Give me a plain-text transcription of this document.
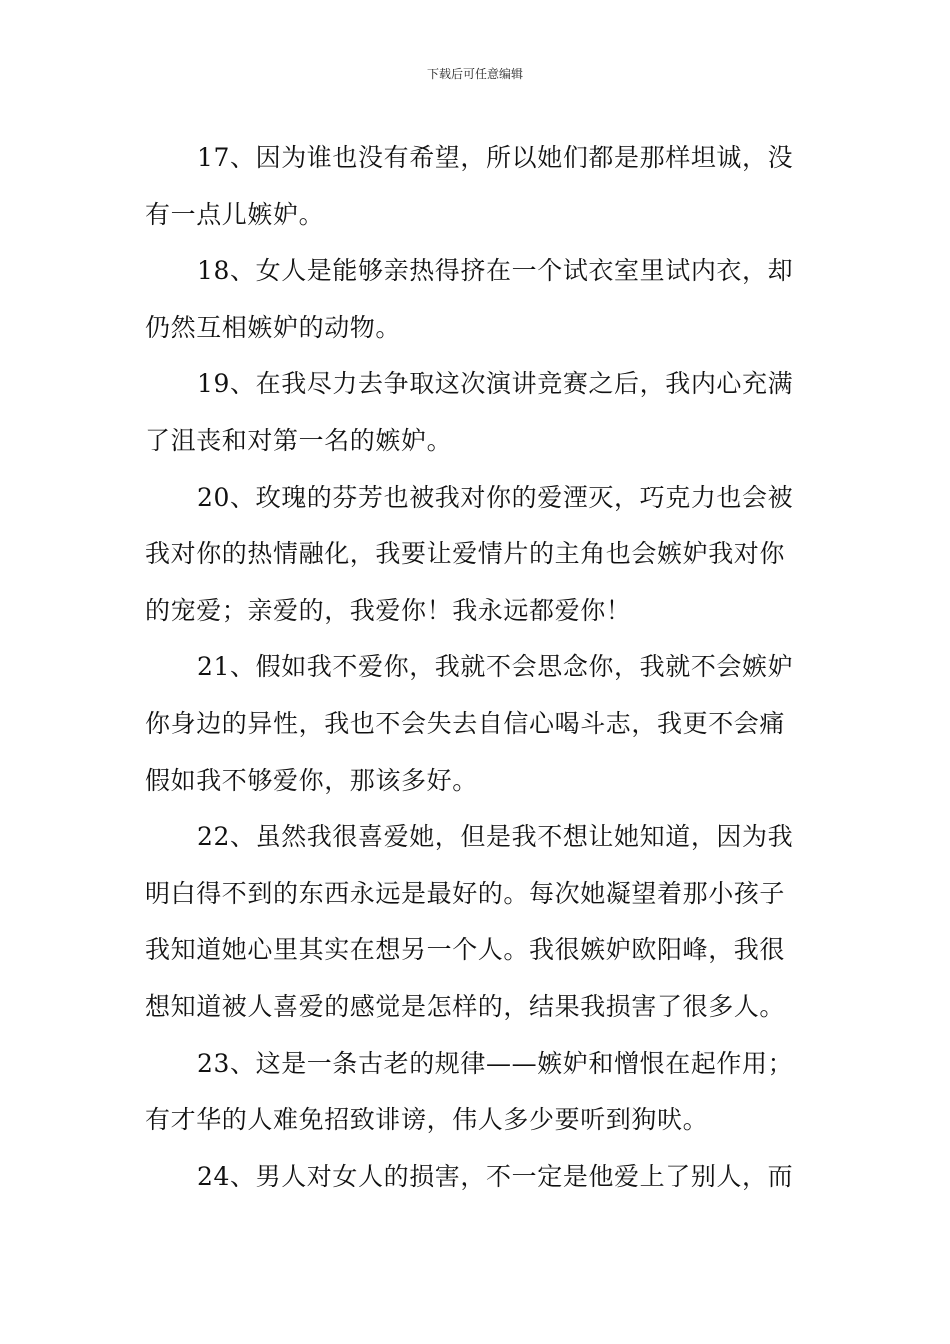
下载后可任意编辑
17、因为谁也没有希望，所以她们都是那样坦诚，没
有一点儿嫉妒。
18、女人是能够亲热得挤在一个试衣室里试内衣，却
仍然互相嫉妒的动物。
19、在我尽力去争取这次演讲竞赛之后，我内心充满
了沮丧和对第一名的嫉妒。
20、玫瑰的芬芳也被我对你的爱湮灭，巧克力也会被
我对你的热情融化，我要让爱情片的主角也会嫉妒我对你
的宠爱；亲爱的，我爱你！我永远都爱你！
21、假如我不爱你，我就不会思念你，我就不会嫉妒
你身边的异性，我也不会失去自信心喝斗志，我更不会痛
假如我不够爱你，那该多好。
22、虽然我很喜爱她，但是我不想让她知道，因为我
明白得不到的东西永远是最好的。每次她凝望着那小孩子
我知道她心里其实在想另一个人。我很嫉妒欧阳峰，我很
想知道被人喜爱的感觉是怎样的，结果我损害了很多人。
23、这是一条古老的规律——嫉妒和憎恨在起作用；
有才华的人难免招致诽谤，伟人多少要听到狗吠。
24、男人对女人的损害，不一定是他爱上了别人，而
